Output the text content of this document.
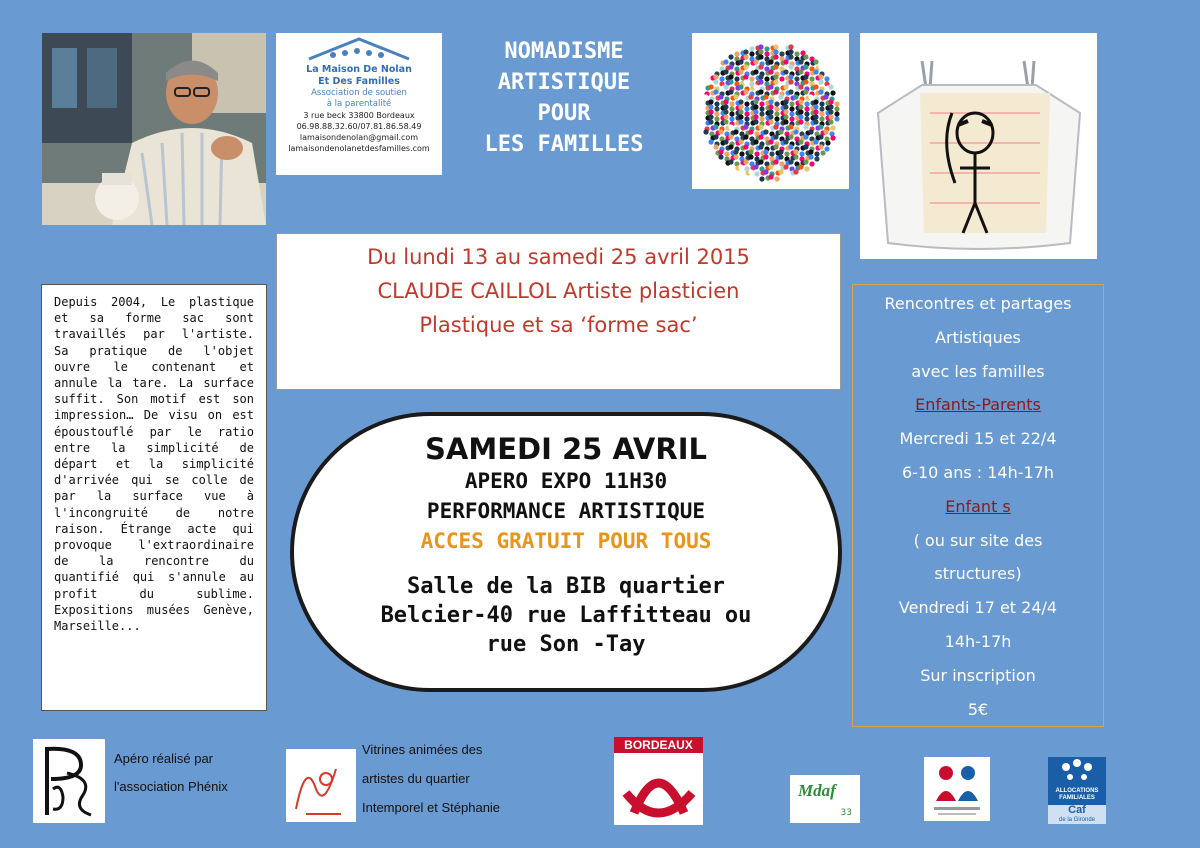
La Maison De Nolan
Et Des Familles
Association de soutien
à la parentalité
3 rue beck 33800 Bordeaux
06.98.88.32.60/07.81.86.58.49
lamaisondenolan@gmail.com
lamaisondenolanetdesfamilles.com
NOMADISME
ARTISTIQUE
POUR
LES FAMILLES
Du lundi 13 au samedi 25 avril 2015
CLAUDE CAILLOL Artiste plasticien
Plastique et sa ‘forme sac’
SAMEDI 25 AVRIL
APERO EXPO 11H30
PERFORMANCE ARTISTIQUE
ACCES GRATUIT POUR TOUS
Salle de la BIB quartier
Belcier-40 rue Laffitteau ou
rue Son -Tay
Depuis 2004, Le plastique et sa forme sac sont travaillés par l'artiste. Sa pratique de l'objet ouvre le contenant et annule la tare. La surface suffit. Son motif est son impression… De visu on est époustouflé par le ratio entre la simplicité de départ et la simplicité d'arrivée qui se colle de par la surface vue à l'incongruité de notre raison. Étrange acte qui provoque l'extraordinaire de la rencontre du quantifié qui s'annule au profit du sublime. Expositions musées Genève, Marseille...
Rencontres et partages
Artistiques
avec les familles
Enfants-Parents
Mercredi 15 et 22/4
6-10 ans : 14h-17h
Enfant s
( ou sur site des
structures)
Vendredi 17 et 24/4
14h-17h
Sur inscription
5€
Apéro réalisé par
l'association Phénix
Vitrines animées des
artistes du quartier
Intemporel et Stéphanie
BORDEAUX
Mdaf
33
ALLOCATIONS
FAMILIALES
Caf
de la Gironde
